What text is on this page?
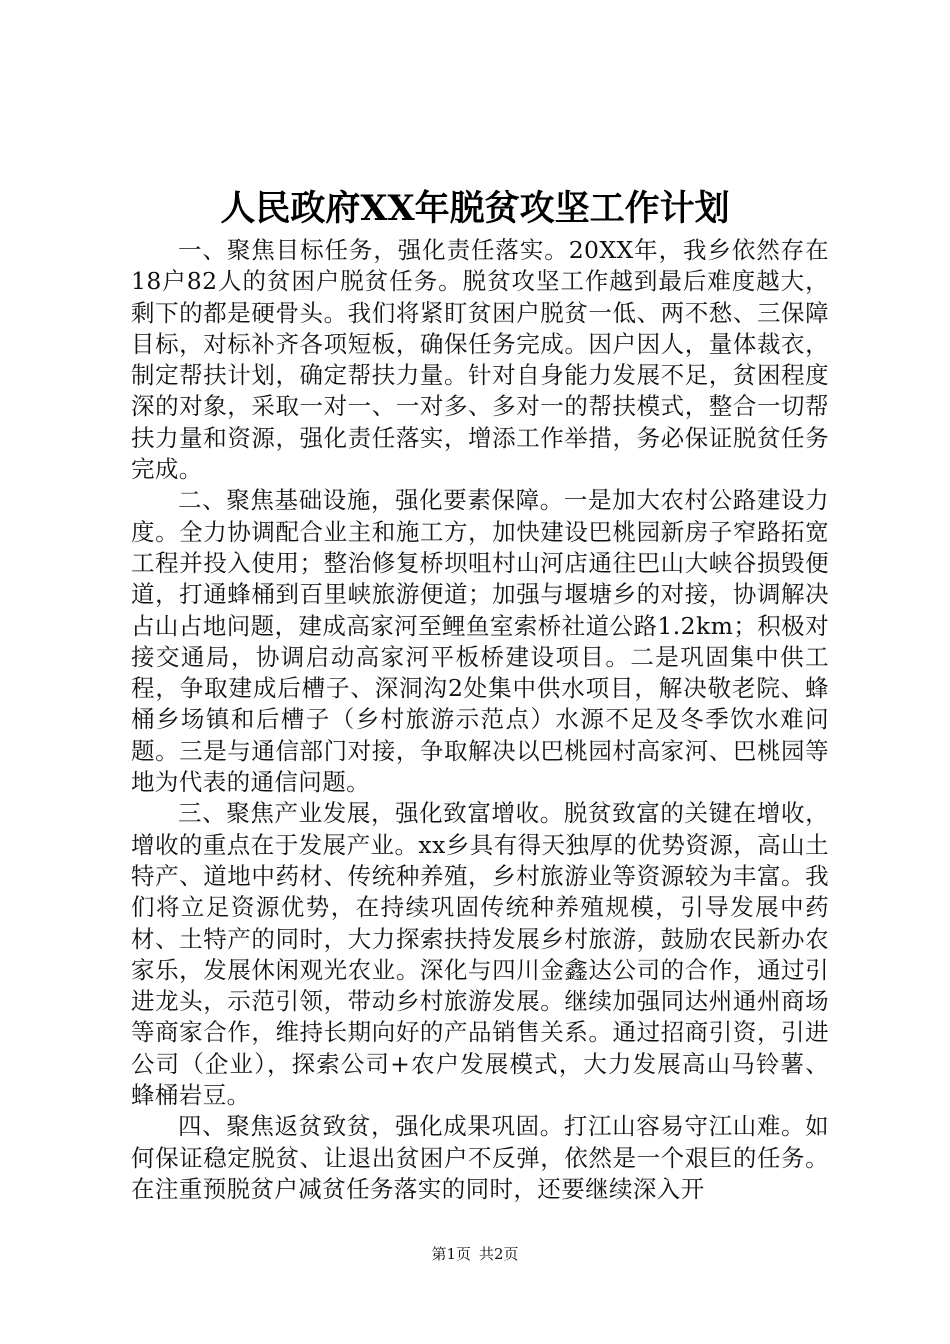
人民政府XX年脱贫攻坚工作计划

一、聚焦目标任务，强化责任落实。20XX年，我乡依然存在18户82人的贫困户脱贫任务。脱贫攻坚工作越到最后难度越大，剩下的都是硬骨头。我们将紧盯贫困户脱贫一低、两不愁、三保障目标，对标补齐各项短板，确保任务完成。因户因人，量体裁衣，制定帮扶计划，确定帮扶力量。针对自身能力发展不足，贫困程度深的对象，采取一对一、一对多、多对一的帮扶模式，整合一切帮扶力量和资源，强化责任落实，增添工作举措，务必保证脱贫任务完成。

二、聚焦基础设施，强化要素保障。一是加大农村公路建设力度。全力协调配合业主和施工方，加快建设巴桃园新房子窄路拓宽工程并投入使用；整治修复桥坝咀村山河店通往巴山大峡谷损毁便道，打通蜂桶到百里峡旅游便道；加强与堰塘乡的对接，协调解决占山占地问题，建成高家河至鲤鱼室索桥社道公路1.2km；积极对接交通局，协调启动高家河平板桥建设项目。二是巩固集中供工程，争取建成后槽子、深洞沟2处集中供水项目，解决敬老院、蜂桶乡场镇和后槽子（乡村旅游示范点）水源不足及冬季饮水难问题。三是与通信部门对接，争取解决以巴桃园村高家河、巴桃园等地为代表的通信问题。

三、聚焦产业发展，强化致富增收。脱贫致富的关键在增收，增收的重点在于发展产业。xx乡具有得天独厚的优势资源，高山土特产、道地中药材、传统种养殖，乡村旅游业等资源较为丰富。我们将立足资源优势，在持续巩固传统种养殖规模，引导发展中药材、土特产的同时，大力探索扶持发展乡村旅游，鼓励农民新办农家乐，发展休闲观光农业。深化与四川金鑫达公司的合作，通过引进龙头，示范引领，带动乡村旅游发展。继续加强同达州通州商场等商家合作，维持长期向好的产品销售关系。通过招商引资，引进公司（企业），探索公司+农户发展模式，大力发展高山马铃薯、蜂桶岩豆。

四、聚焦返贫致贫，强化成果巩固。打江山容易守江山难。如何保证稳定脱贫、让退出贫困户不反弹，依然是一个艰巨的任务。在注重预脱贫户减贫任务落实的同时，还要继续深入开

第1页 共2页
